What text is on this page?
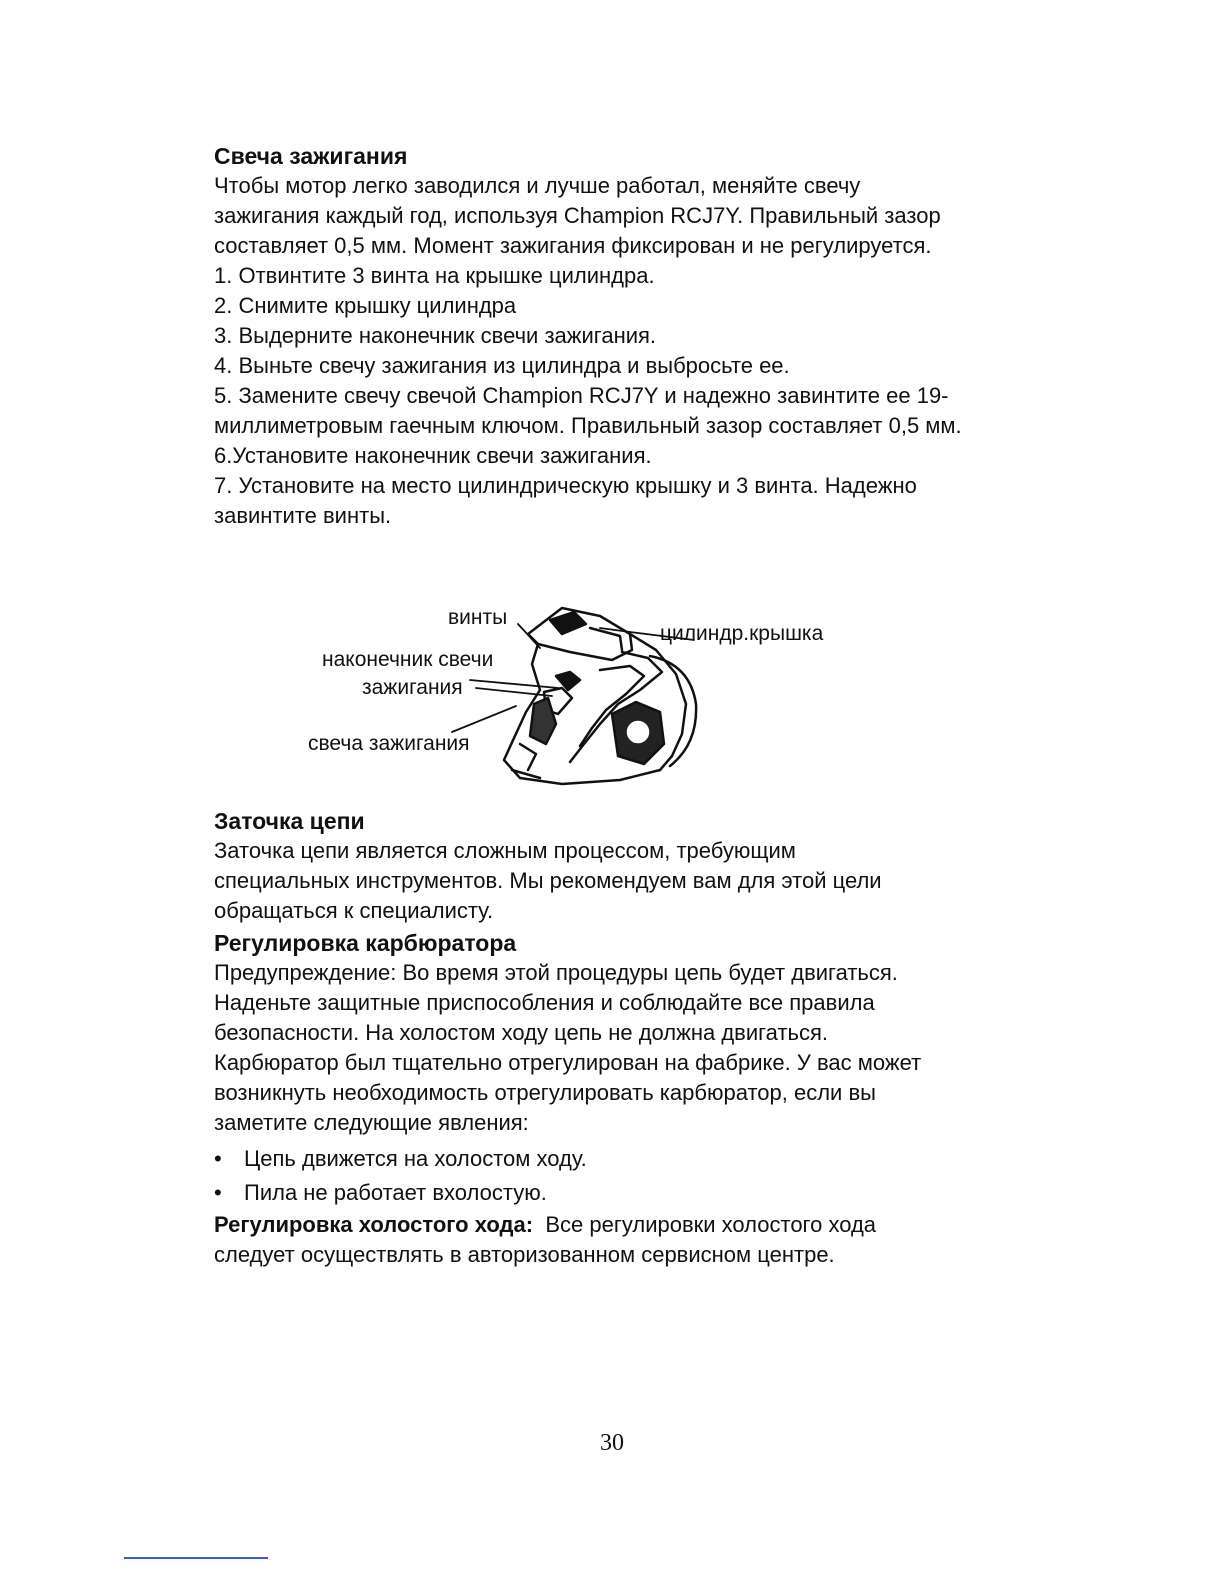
Свеча зажигания

Чтобы мотор легко заводился и лучше работал, меняйте свечу
зажигания каждый год, используя Champion RCJ7Y. Правильный зазор
составляет 0,5 мм. Момент зажигания фиксирован и не регулируется.

1. Отвинтите 3 винта на крышке цилиндра.
2. Снимите крышку цилиндра
3. Выдерните наконечник свечи зажигания.
4. Выньте свечу зажигания из цилиндра и выбросьте ее.
5. Замените свечу свечой Champion RCJ7Y и надежно завинтите ее 19-
миллиметровым гаечным ключом. Правильный зазор составляет 0,5 мм.
6.Установите наконечник свечи зажигания.
7. Установите на место цилиндрическую крышку и 3 винта. Надежно
завинтите винты.

винты
цилиндр.крышка
наконечник свечи
зажигания
свеча зажигания
Заточка цепи

Заточка цепи является сложным процессом, требующим
специальных инструментов. Мы рекомендуем вам для этой цели
обращаться к специалисту.

Регулировка карбюратора

Предупреждение: Во время этой процедуры цепь будет двигаться.
Наденьте защитные приспособления и соблюдайте все правила
безопасности. На холостом ходу цепь не должна двигаться.
Карбюратор был тщательно отрегулирован на фабрике. У вас может
возникнуть необходимость отрегулировать карбюратор, если вы
заметите следующие явления:

• Цепь движется на холостом ходу.
• Пила не работает вхолостую.

Регулировка холостого хода: Все регулировки холостого хода
следует осуществлять в авторизованном сервисном центре.

30
